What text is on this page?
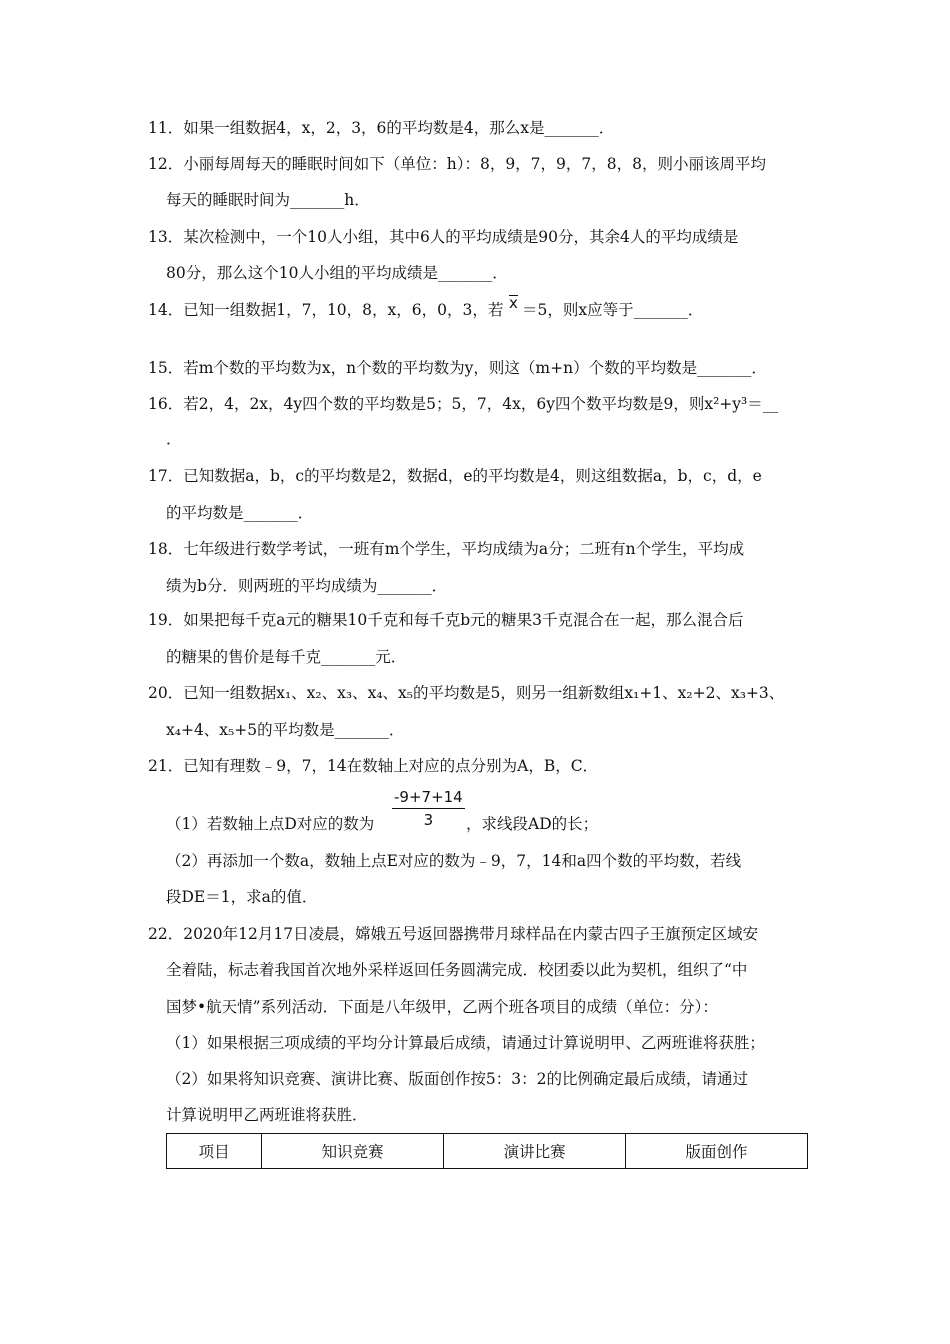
11．如果一组数据4，x，2，3，6的平均数是4，那么x是_______．
12．小丽每周每天的睡眠时间如下（单位：h）：8，9，7，9，7，8，8，则小丽该周平均
每天的睡眠时间为_______h．
13．某次检测中，一个10人小组，其中6人的平均成绩是90分，其余4人的平均成绩是
80分，那么这个10人小组的平均成绩是_______．
14．已知一组数据1，7，10，8，x，6，0，3，若 x ＝5，则x应等于_______．
15．若m个数的平均数为x，n个数的平均数为y，则这（m+n）个数的平均数是_______．
16．若2，4，2x，4y四个数的平均数是5；5，7，4x，6y四个数平均数是9，则x²+y³＝__
．
17．已知数据a，b，c的平均数是2，数据d，e的平均数是4，则这组数据a，b，c，d，e
的平均数是_______．
18．七年级进行数学考试，一班有m个学生，平均成绩为a分；二班有n个学生，平均成
绩为b分．则两班的平均成绩为_______．
19．如果把每千克a元的糖果10千克和每千克b元的糖果3千克混合在一起，那么混合后
的糖果的售价是每千克_______元．
20．已知一组数据x₁、x₂、x₃、x₄、x₅的平均数是5，则另一组新数组x₁+1、x₂+2、x₃+3、
x₄+4、x₅+5的平均数是_______．
21．已知有理数﹣9，7，14在数轴上对应的点分别为A，B，C．
（1）若数轴上点D对应的数为 $\frac{-9+7+14}{3}$ ，求线段AD的长；
（2）再添加一个数a，数轴上点E对应的数为﹣9，7，14和a四个数的平均数，若线
段DE＝1，求a的值．
22．2020年12月17日凌晨，嫦娥五号返回器携带月球样品在内蒙古四子王旗预定区域安
全着陆，标志着我国首次地外采样返回任务圆满完成．校团委以此为契机，组织了“中
国梦•航天情”系列活动．下面是八年级甲，乙两个班各项目的成绩（单位：分）：
（1）如果根据三项成绩的平均分计算最后成绩，请通过计算说明甲、乙两班谁将获胜；
（2）如果将知识竞赛、演讲比赛、版面创作按5：3：2的比例确定最后成绩，请通过
计算说明甲乙两班谁将获胜．
项目	知识竞赛	演讲比赛	版面创作
